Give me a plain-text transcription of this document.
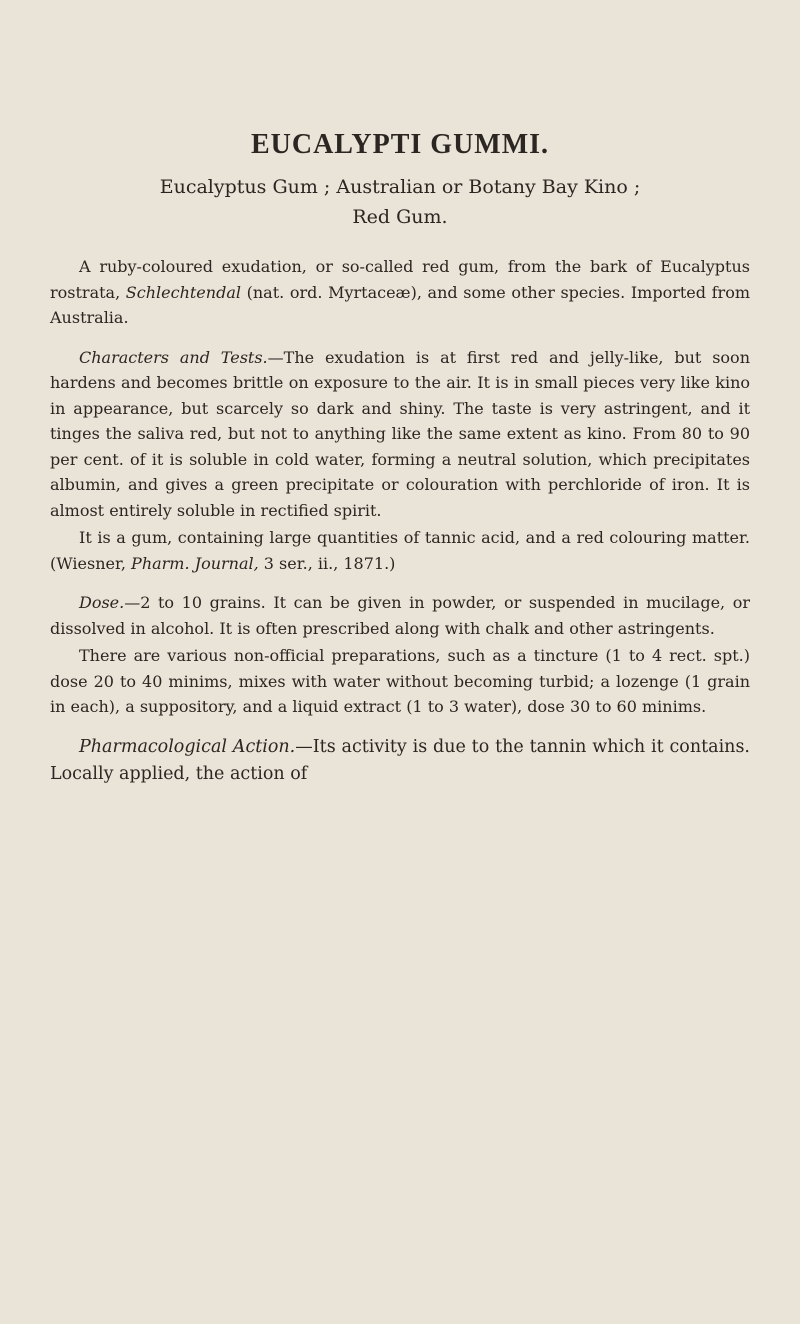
EUCALYPTI GUMMI.
Eucalyptus Gum ; Australian or Botany Bay Kino ;
Red Gum.

A ruby-coloured exudation, or so-called red gum, from the bark of Eucalyptus rostrata, Schlechtendal (nat. ord. Myrtaceæ), and some other species. Imported from Australia.

Characters and Tests.—The exudation is at first red and jelly-like, but soon hardens and becomes brittle on exposure to the air. It is in small pieces very like kino in appearance, but scarcely so dark and shiny. The taste is very astringent, and it tinges the saliva red, but not to anything like the same extent as kino. From 80 to 90 per cent. of it is soluble in cold water, forming a neutral solution, which precipitates albumin, and gives a green precipitate or colouration with perchloride of iron. It is almost entirely soluble in rectified spirit.

It is a gum, containing large quantities of tannic acid, and a red colouring matter. (Wiesner, Pharm. Journal, 3 ser., ii., 1871.)

Dose.—2 to 10 grains. It can be given in powder, or suspended in mucilage, or dissolved in alcohol. It is often prescribed along with chalk and other astringents.

There are various non-official preparations, such as a tincture (1 to 4 rect. spt.) dose 20 to 40 minims, mixes with water without becoming turbid; a lozenge (1 grain in each), a suppository, and a liquid extract (1 to 3 water), dose 30 to 60 minims.

Pharmacological Action.—Its activity is due to the tannin which it contains. Locally applied, the action of
